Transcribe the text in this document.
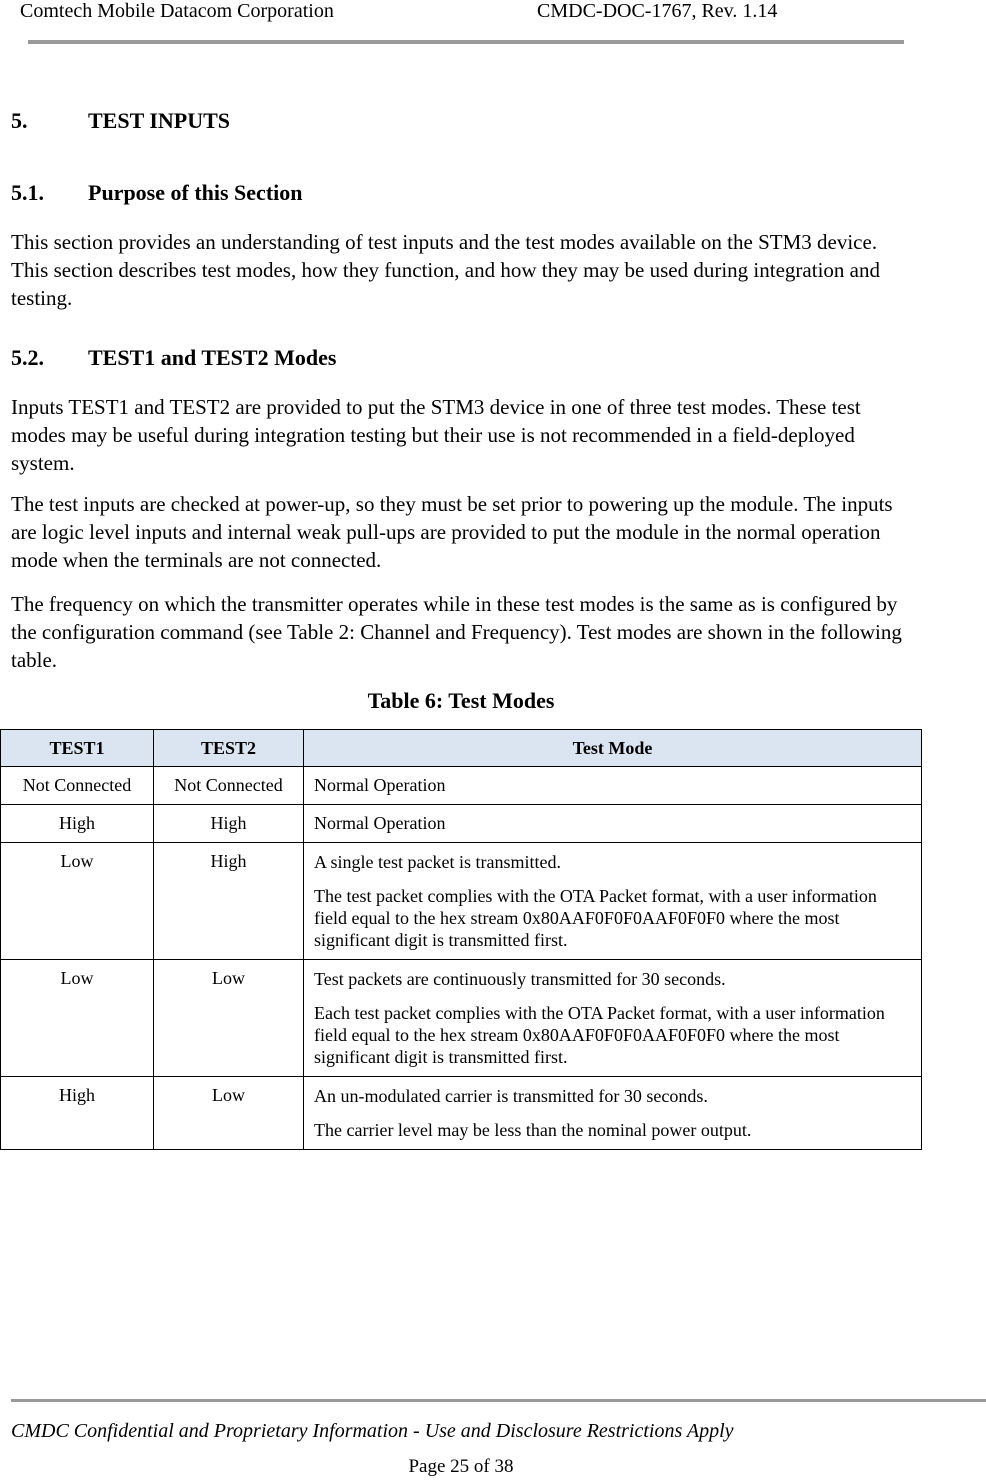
Comtech Mobile Datacom Corporation	CMDC-DOC-1767, Rev. 1.14
5.	TEST INPUTS
5.1. Purpose of this Section
This section provides an understanding of test inputs and the test modes available on the STM3 device. This section describes test modes, how they function, and how they may be used during integration and testing.
5.2. TEST1 and TEST2 Modes
Inputs TEST1 and TEST2 are provided to put the STM3 device in one of three test modes. These test modes may be useful during integration testing but their use is not recommended in a field-deployed system.
The test inputs are checked at power-up, so they must be set prior to powering up the module. The inputs are logic level inputs and internal weak pull-ups are provided to put the module in the normal operation mode when the terminals are not connected.
The frequency on which the transmitter operates while in these test modes is the same as is configured by the configuration command (see Table 2: Channel and Frequency). Test modes are shown in the following table.
Table 6: Test Modes
TEST1	TEST2	Test Mode
Not Connected	Not Connected	Normal Operation

High	High	Normal Operation

Low	High	A single test packet is transmitted.

The test packet complies with the OTA Packet format, with a user information field equal to the hex stream 0x80AAF0F0F0AAF0F0F0 where the most significant digit is transmitted first.

Low	Low	Test packets are continuously transmitted for 30 seconds.

Each test packet complies with the OTA Packet format, with a user information field equal to the hex stream 0x80AAF0F0F0AAF0F0F0 where the most significant digit is transmitted first.

High	Low	An un-modulated carrier is transmitted for 30 seconds.

The carrier level may be less than the nominal power output.

CMDC Confidential and Proprietary Information - Use and Disclosure Restrictions Apply
Page 25 of 38
